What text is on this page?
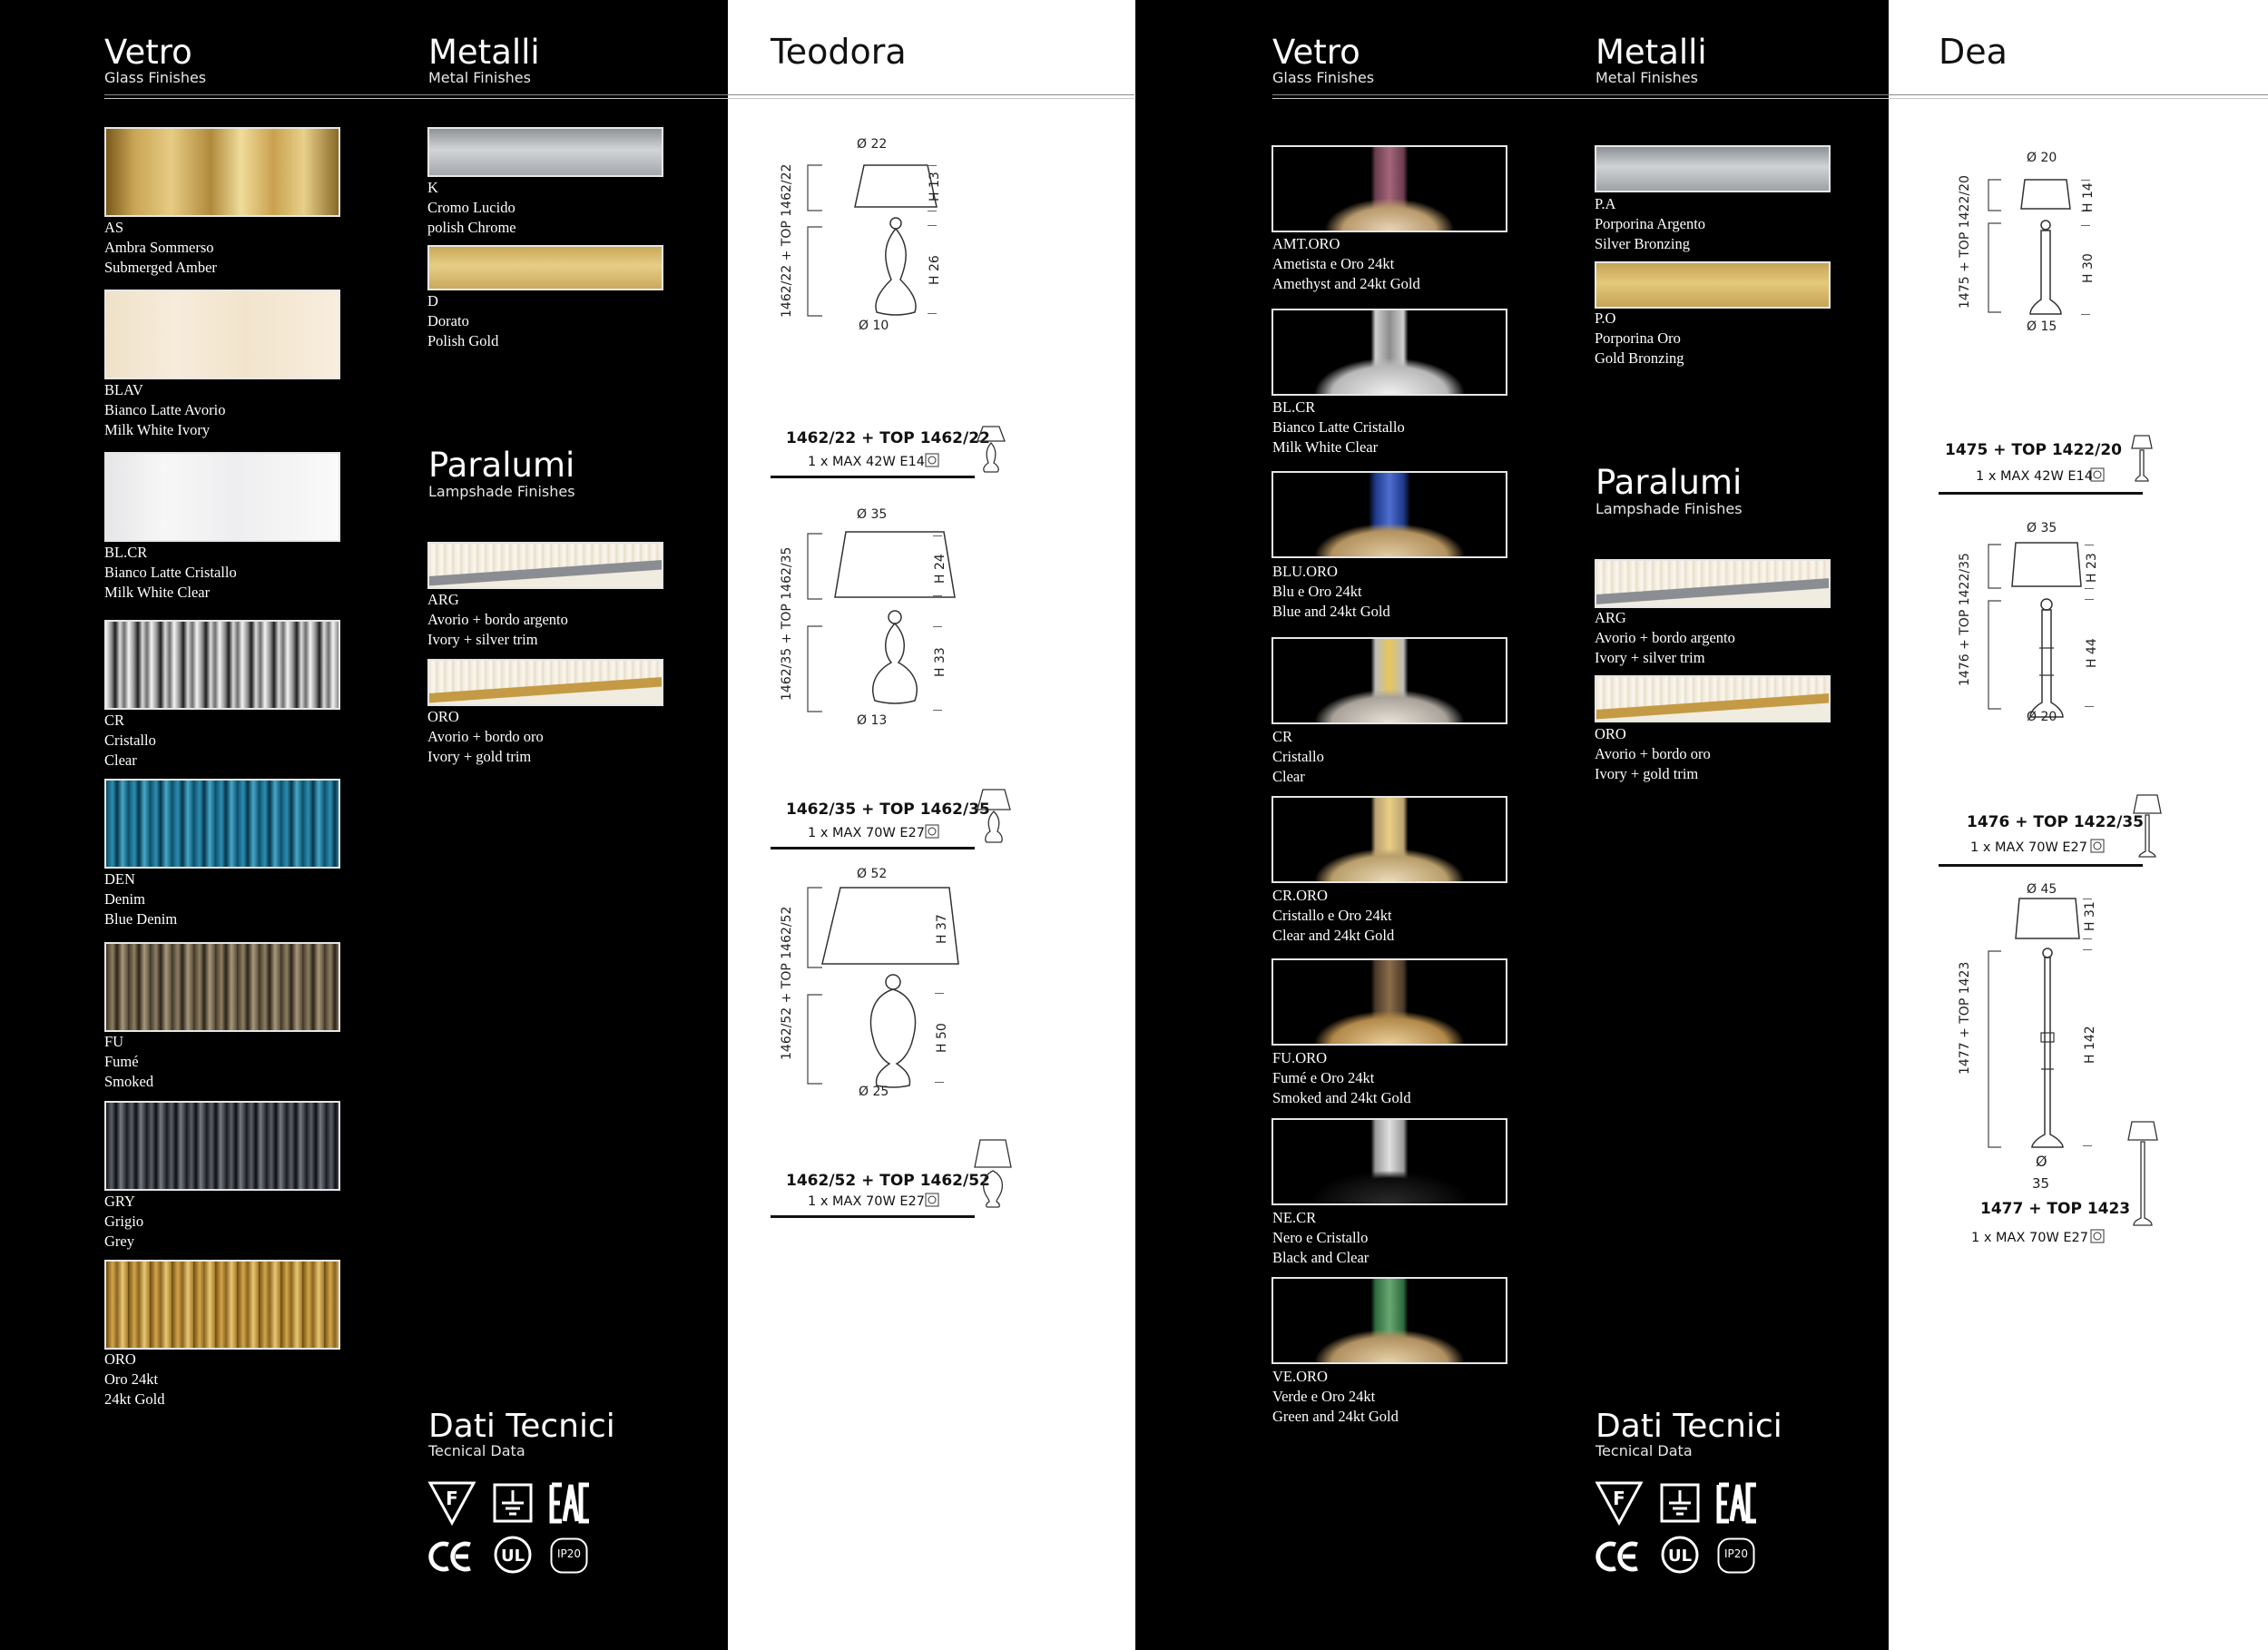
Vetro
Glass Finishes
Metalli
Metal Finishes
AS
Ambra Sommerso
Submerged Amber
BLAV
Bianco Latte Avorio
Milk White Ivory
BL.CR
Bianco Latte Cristallo
Milk White Clear
CR
Cristallo
Clear
DEN
Denim
Blue Denim
FU
Fumé
Smoked
GRY
Grigio
Grey
ORO
Oro 24kt
24kt Gold
K
Cromo Lucido
polish Chrome
D
Dorato
Polish Gold
Paralumi
Lampshade Finishes
ARG
Avorio + bordo argento
Ivory + silver trim
ORO
Avorio + bordo oro
Ivory + gold trim
Dati Tecnici
Tecnical Data
F
UL	IP20
Teodora
Ø 22
Ø 10
1462/22 + TOP 1462/22	H 13
H 26
1462/22 + TOP 1462/22
1 x MAX 42W E14
Ø 35
Ø 13
1462/35 + TOP 1462/35	H 24
H 33
1462/35 + TOP 1462/35
1 x MAX 70W E27
Ø 52
Ø 25
1462/52 + TOP 1462/52	H 37
H 50
1462/52 + TOP 1462/52
1 x MAX 70W E27
Vetro
Glass Finishes
Metalli
Metal Finishes
AMT.ORO
Ametista e Oro 24kt
Amethyst and 24kt Gold
BL.CR
Bianco Latte Cristallo
Milk White Clear
BLU.ORO
Blu e Oro 24kt
Blue and 24kt Gold
CR
Cristallo
Clear
CR.ORO
Cristallo e Oro 24kt
Clear and 24kt Gold
FU.ORO
Fumé e Oro 24kt
Smoked and 24kt Gold
NE.CR
Nero e Cristallo
Black and Clear
VE.ORO
Verde e Oro 24kt
Green and 24kt Gold
P.A
Porporina Argento
Silver Bronzing
P.O
Porporina Oro
Gold Bronzing
Paralumi
Lampshade Finishes
ARG
Avorio + bordo argento
Ivory + silver trim
ORO
Avorio + bordo oro
Ivory + gold trim
Dati Tecnici
Tecnical Data
F
UL	IP20
Dea
Ø 20
Ø 15
1475 + TOP 1422/20	H 14
H 30
1475 + TOP 1422/20
1 x MAX 42W E14
Ø 35
Ø 20
1476 + TOP 1422/35	H 23
H 44
1476 + TOP 1422/35
1 x MAX 70W E27
Ø 45
Ø
35
1477 + TOP 1423
H 31
H 142
1477 + TOP 1423
1 x MAX 70W E27
